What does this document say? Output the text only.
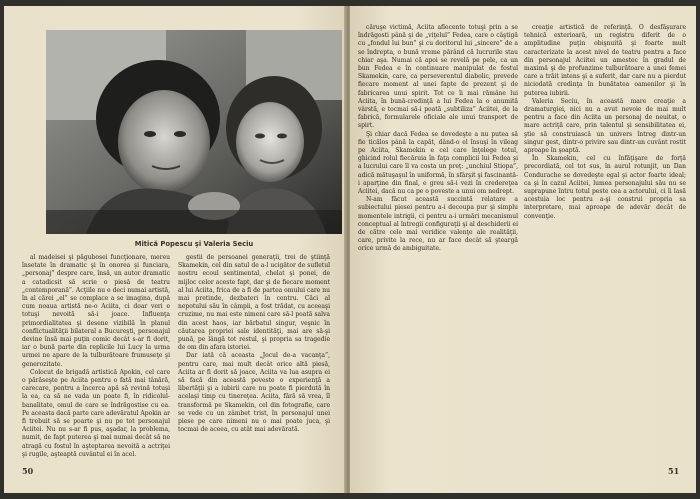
Mitică Popescu şi Valeria Seciu

al madeisei şi păgubosei funcţionare, mereu însetate în dramatic şi în onorea şi funciara, „personaj” despre care, însă, un autor dramatic a catadicsit să scrie o piesă de teatru „contemporană”. Acţiile nu e deci numai artistă, în al cărei „el” se complace a se imagina, după cum noaua artistă ne-o Aciita, ci doar veri e totuşi nevoită să-i joace. Influenţa primordialitatea şi desene vizibilă în planul conflictualităţii bilateral a Bucureşti, personajul devine însă mai puţin comic decât s-ar fi dorit, iar o bună parte din replicile lui Lucy la urma urmei ne apare de la tulburătoare frumuseţe şi generozitate.

Colocut de brigadă artistică Apokin, cel care o părăseşte pe Aciita pentru o fată mai tânără, carecare, pentru a încerca apă să revină totuşi la ea, ca să ne vada un poate fi, în ridicolul-banalitate, omul de care se îndrăgostise cu ea. Pe aceasta dacă parte care adevăratul Apokin ar fi trebuit să se poarte şi nu pe tot personajul Aciitei. Nu nu s-ar fi pus, aşadar, la problema, numit, de fapt puterea şi mai numai decât să ne atragă cu fostul în aşteptarea nevoită a actriţei şi rugile, aşteaptă cuvântul ei în acel.

gestii de persoanei generaţii, trei de ştiinţă Skamekin, cel din satul de a-l ucigător de sufletul nostru ecoul sentimental, chelat şi ponei, de mijloc celor aceste fapt, dar şi de fiecare moment al lui Aciita, frica de a fi de partea omului care nu mai pretinde, dezbateri în centru. Căci al nepotului său în câmpii, a fost trădat, cu aceeaşi cruzime, nu mai este nimeni care să-l poată salva din acest haos, iar bărbatul singur, veşnic în căutarea propriei sale identităţi, mai are să-şi pună, pe lângă tot restul, şi propria sa tragedie de om din afara istoriei.

Dar iată că aceasta „Jocul de-a vacanţa”, pentru care, mai mult decât orice altă piesă, Aciita ar fi dorit să joace, Aciita va lua asupra ei să facă din această poveste o experienţă a libertăţii şi a iubirii care nu poate fi pierdută în acelaşi timp cu tinereţea. Aciita, fără să vrea, îl transformă pe Skamekin, cel din fotografie, care se vede cu un zâmbet trist, în personajul unei piese pe care nimeni nu o mai poate juca, şi tocmai de aceea, cu atât mai adevărată.

50

căruşe victimă, Aciita aflecente totuşi prin a se îndrăgosti până şi de „viţelul” Fedea, care o câştigă cu „fondul lui bun” şi cu doritorul lui „sincere” de a se îndrepta, o bună vreme părând că lucrurile stau chiar aşa. Numai că apoi se revelă pe pele, ca un bun Fedea e în continuare manipulat de fostul Skamekin, care, ca perseverentul diabolic, prevede fiecare moment al unei fapte de prezent şi de fabricarea unui spirit. Tot ce îi mai rămâne lui Aciita, în bună-credinţă a lui Fedea la o anumită vârstă, e tocmai să-i poată „subtiliza” Aciitei, de la fabrică, formularele oficiale ale unui transport de spirt.

Şi chiar dacă Fedea se dovedeşte a nu putea să fie ticălos până la capăt, dând-o el însuşi în vileag pe Aciita, Skamekin e cel care înţelege totul, ghicind rolul fiecăruia în faţa complicii lui Fedea şi a lucrului care îl va costa un preţ: „unchiul Stiopa”, adică mătuşaşul în uniformă, în sfârşit şi fascinantă-i aparţine din final, e greu să-i vezi în credereţea Aciitei, dacă nu ca pe o poveste a unui om nedrept.

N-am făcut această succintă relatare a subiectului piesei pentru a-i decoupa pur şi simplu momentele intrigii, ci pentru a-i urmări mecanismul conceptual al întregii configuraţii şi al deschiderii ei de către cele mai veridice valenţe ale realităţii, care, privite la rece, nu ar face decât să şteargă orice urmă de ambiguitate.

creaţie artistică de referinţă. O desfăşurare tehnică exterioară, un registru diferit de o amplitudine puţin obişnuită şi foarte mult caracterizate la acest nivel de teatru pentru a face din personajul Aciitei un amestec în gradul de maximă şi de profunzime tulburătoare a unei femei care a trăit intens şi a suferit, dar care nu a pierdut niciodată credinţa în bunătatea oamenilor şi în puterea iubirii.

Valeria Seciu, în această mare creaţie a dramaturgiei, nici nu a avut nevoie de mai mult pentru a face din Aciita un personaj de neuitat, o mare actriţă care, prin talentul şi sensibilitatea ei, ştie să construiască un univers întreg dintr-un singur gest, dintr-o privire sau dintr-un cuvânt rostit aproape în şoaptă.

În Skamekin, cel cu înfăţişare de forţă precordiată, cel tot sus, în aurul rotunjit, un Dan Condurache se dovedeşte egal şi actor foarte ideal; ca şi în cazul Aciitei, lumea personajului său nu se suprapune întru totul peste cea a actorului, ci îi lasă acestuia loc pentru a-şi construi propria sa interpretare, mai aproape de adevăr decât de convenţie.

51
